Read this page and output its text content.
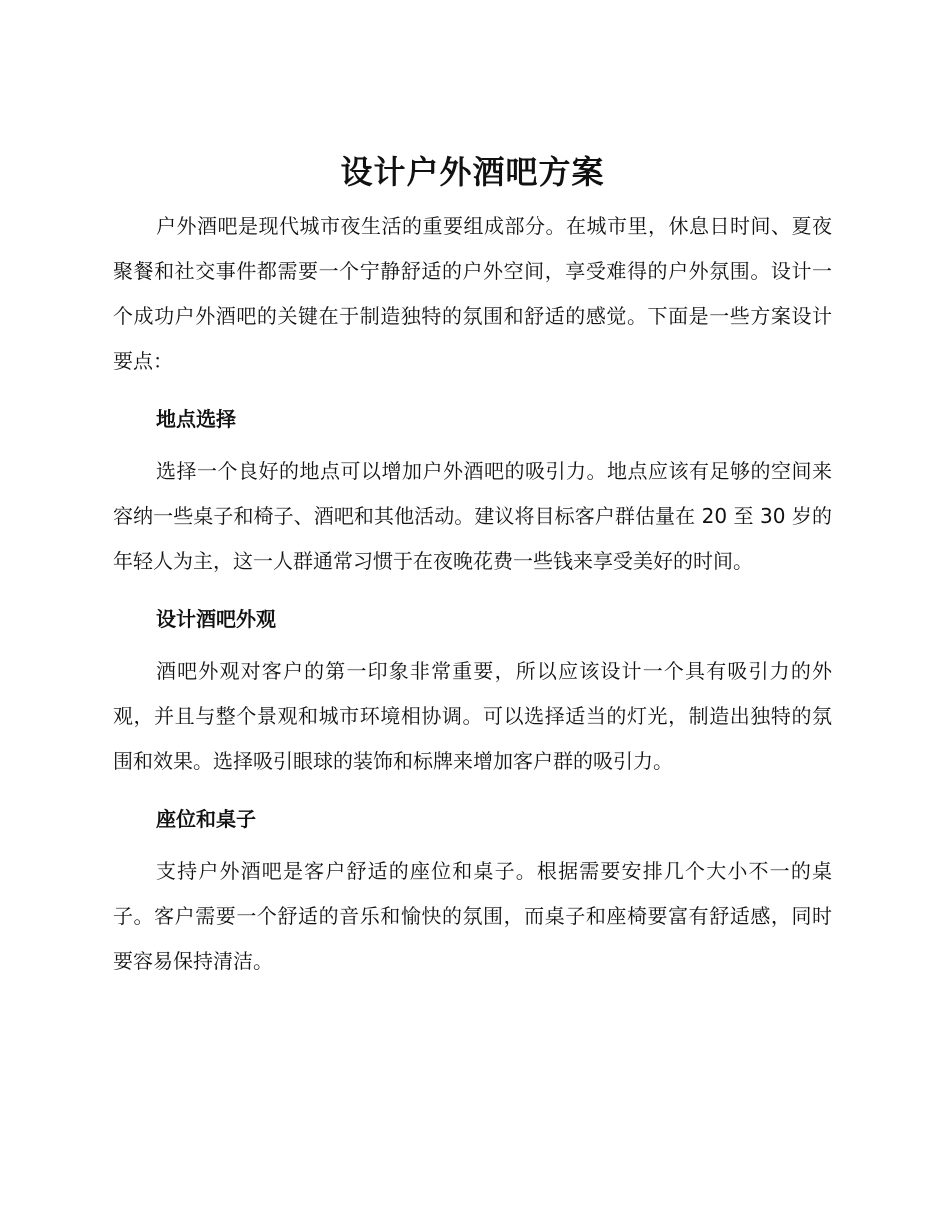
设计户外酒吧方案

户外酒吧是现代城市夜生活的重要组成部分。在城市里，休息日时间、夏夜聚餐和社交事件都需要一个宁静舒适的户外空间，享受难得的户外氛围。设计一个成功户外酒吧的关键在于制造独特的氛围和舒适的感觉。下面是一些方案设计要点：

地点选择

选择一个良好的地点可以增加户外酒吧的吸引力。地点应该有足够的空间来容纳一些桌子和椅子、酒吧和其他活动。建议将目标客户群估量在 20 至 30 岁的年轻人为主，这一人群通常习惯于在夜晚花费一些钱来享受美好的时间。

设计酒吧外观

酒吧外观对客户的第一印象非常重要，所以应该设计一个具有吸引力的外观，并且与整个景观和城市环境相协调。可以选择适当的灯光，制造出独特的氛围和效果。选择吸引眼球的装饰和标牌来增加客户群的吸引力。

座位和桌子

支持户外酒吧是客户舒适的座位和桌子。根据需要安排几个大小不一的桌子。客户需要一个舒适的音乐和愉快的氛围，而桌子和座椅要富有舒适感，同时要容易保持清洁。
